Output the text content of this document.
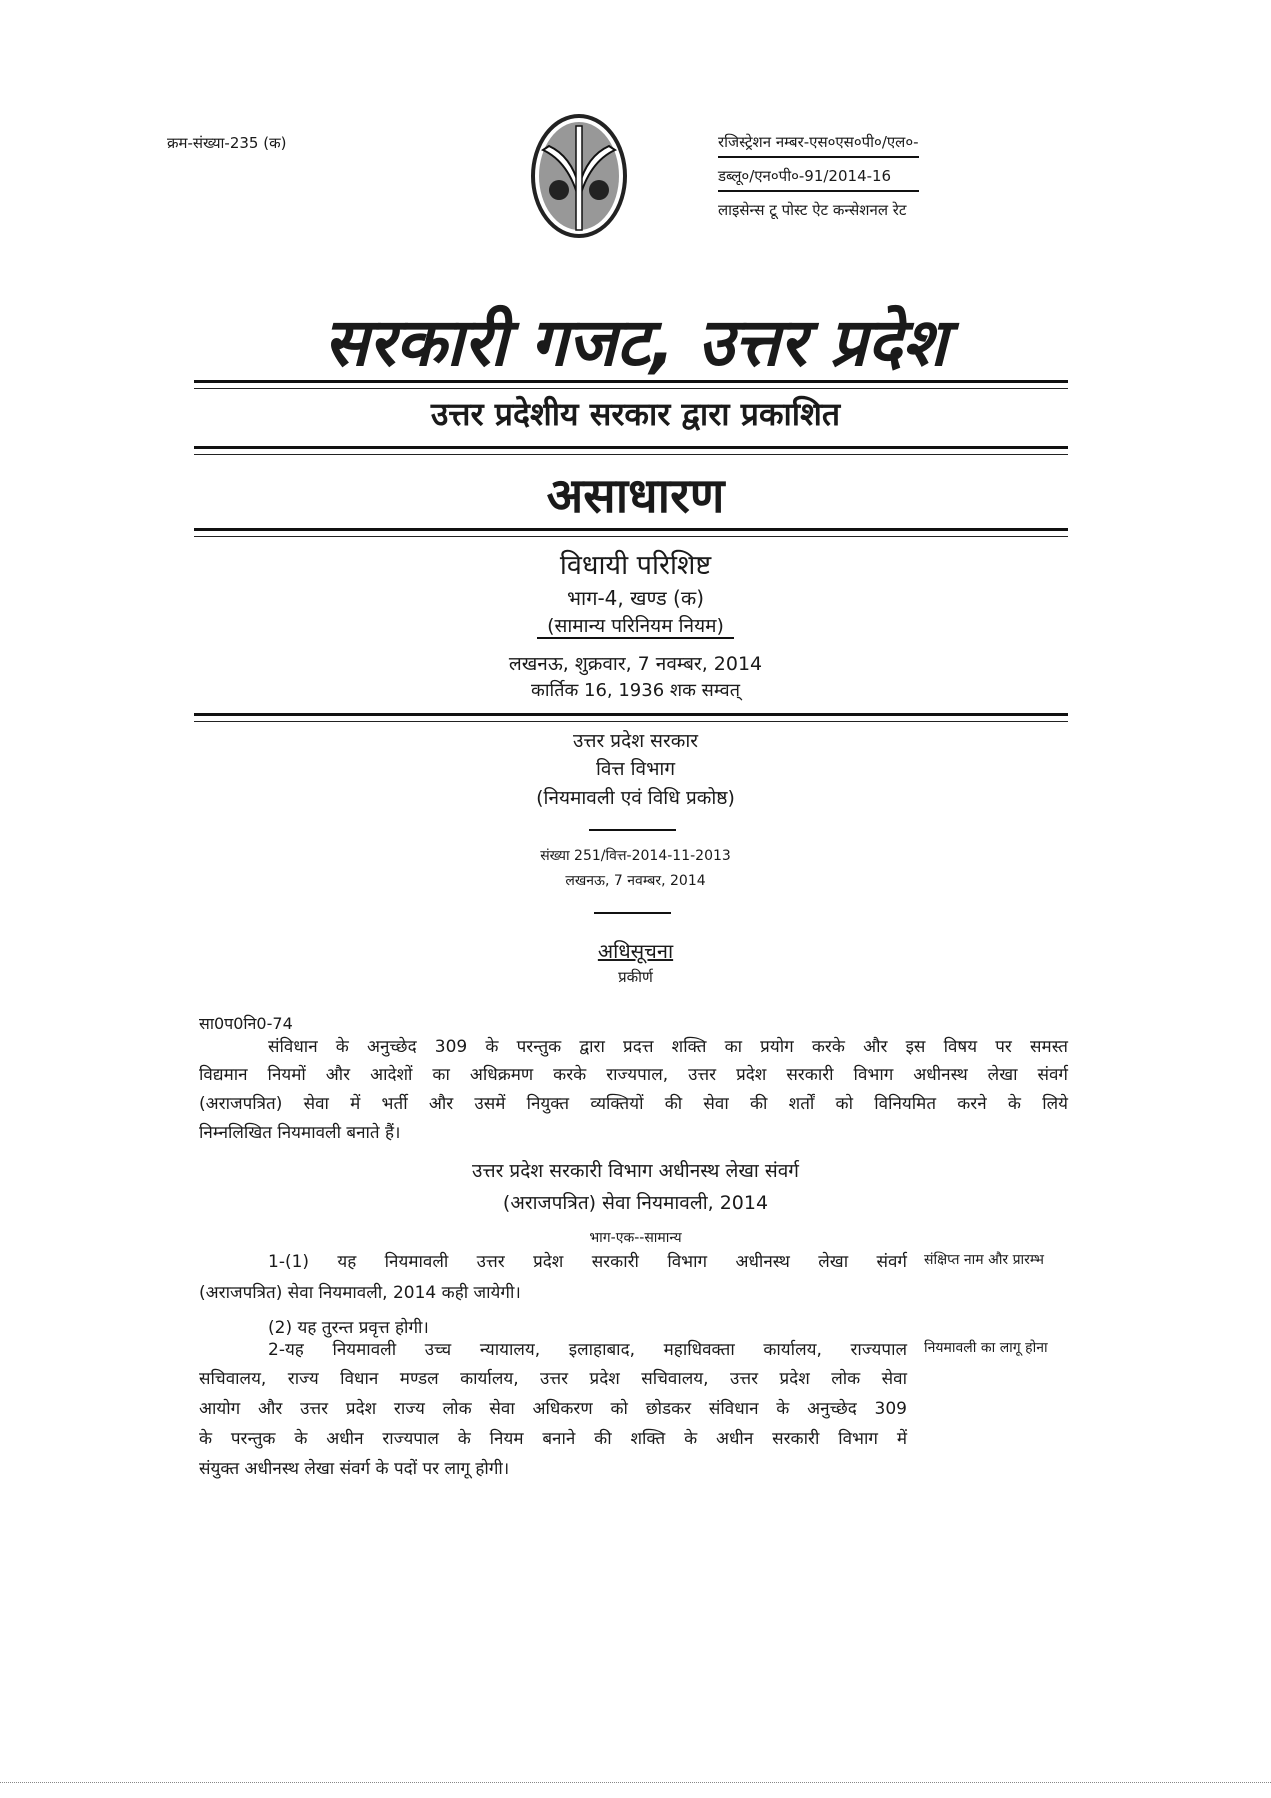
क्रम-संख्या-235 (क)	रजिस्ट्रेशन नम्बर-एस०एस०पी०/एल०-
डब्लू०/एन०पी०-91/2014-16
लाइसेन्स टू पोस्ट ऐट कन्सेशनल रेट
सरकारी गजट, उत्तर प्रदेश
उत्तर प्रदेशीय सरकार द्वारा प्रकाशित
असाधारण
विधायी परिशिष्ट
भाग-4, खण्ड (क)
(सामान्य परिनियम नियम)
लखनऊ, शुक्रवार, 7 नवम्बर, 2014
कार्तिक 16, 1936 शक सम्वत्
उत्तर प्रदेश सरकार
वित्त विभाग
(नियमावली एवं विधि प्रकोष्ठ)
संख्या 251/वित्त-2014-11-2013
लखनऊ, 7 नवम्बर, 2014
अधिसूचना
प्रकीर्ण
सा0प0नि0-74
संविधान के अनुच्छेद 309 के परन्तुक द्वारा प्रदत्त शक्ति का प्रयोग करके और इस विषय पर समस्त
विद्यमान नियमों और आदेशों का अधिक्रमण करके राज्यपाल, उत्तर प्रदेश सरकारी विभाग अधीनस्थ लेखा संवर्ग
(अराजपत्रित) सेवा में भर्ती और उसमें नियुक्त व्यक्तियों की सेवा की शर्तों को विनियमित करने के लिये
निम्नलिखित नियमावली बनाते हैं।
उत्तर प्रदेश सरकारी विभाग अधीनस्थ लेखा संवर्ग
(अराजपत्रित) सेवा नियमावली, 2014
भाग-एक--सामान्य
1-(1) यह नियमावली उत्तर प्रदेश सरकारी विभाग अधीनस्थ लेखा संवर्ग
(अराजपत्रित) सेवा नियमावली, 2014 कही जायेगी।
संक्षिप्त नाम और प्रारम्भ
(2) यह तुरन्त प्रवृत्त होगी।
2-यह नियमावली उच्च न्यायालय, इलाहाबाद, महाधिवक्ता कार्यालय, राज्यपाल
सचिवालय, राज्य विधान मण्डल कार्यालय, उत्तर प्रदेश सचिवालय, उत्तर प्रदेश लोक सेवा
आयोग और उत्तर प्रदेश राज्य लोक सेवा अधिकरण को छोडकर संविधान के अनुच्छेद 309
के परन्तुक के अधीन राज्यपाल के नियम बनाने की शक्ति के अधीन सरकारी विभाग में
संयुक्त अधीनस्थ लेखा संवर्ग के पदों पर लागू होगी।
नियमावली का लागू होना
